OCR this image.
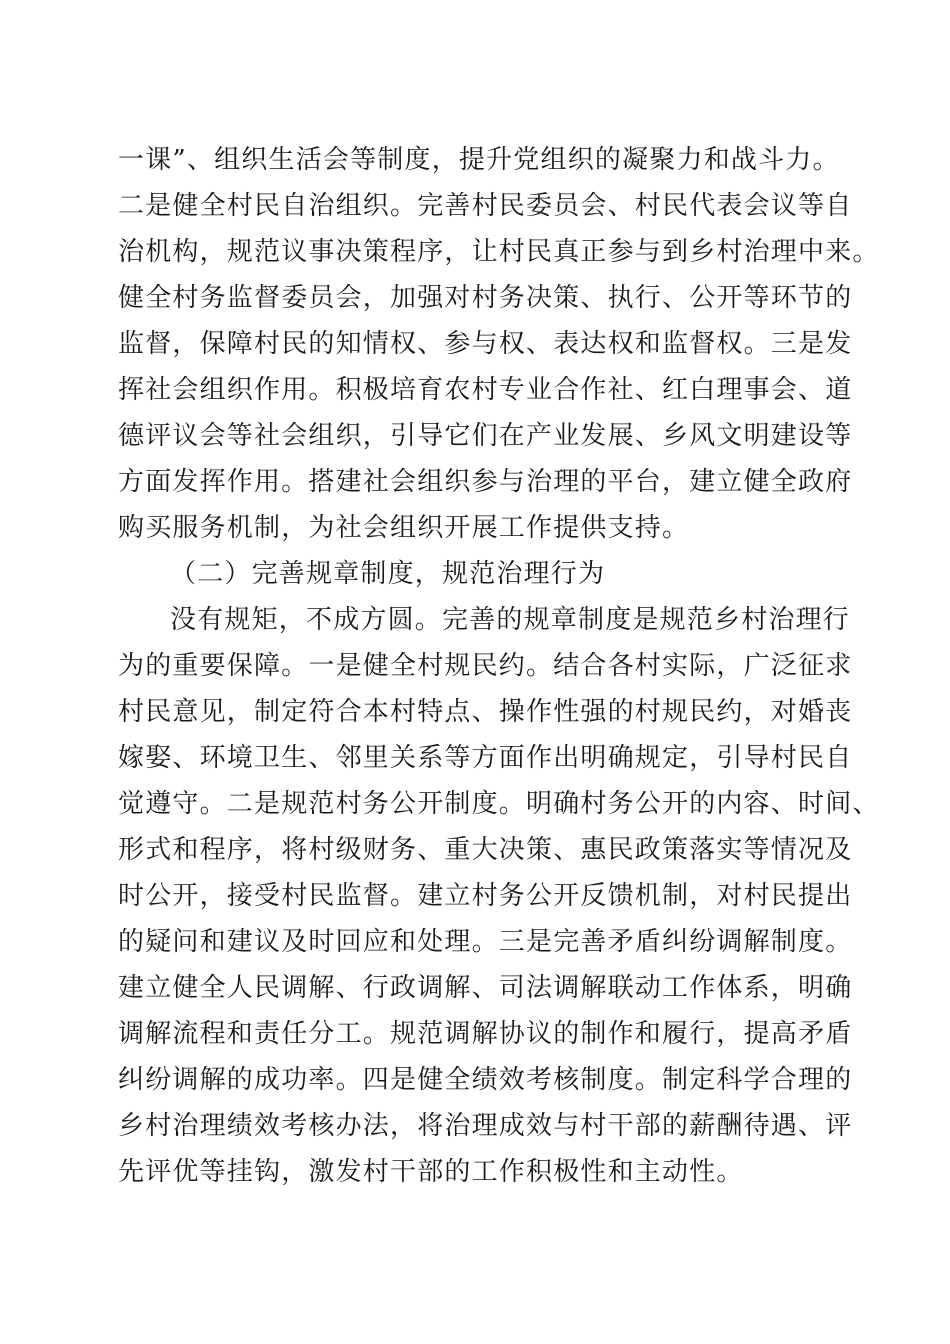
一课”、组织生活会等制度，提升党组织的凝聚力和战斗力。
二是健全村民自治组织。完善村民委员会、村民代表会议等自
治机构，规范议事决策程序，让村民真正参与到乡村治理中来。
健全村务监督委员会，加强对村务决策、执行、公开等环节的
监督，保障村民的知情权、参与权、表达权和监督权。三是发
挥社会组织作用。积极培育农村专业合作社、红白理事会、道
德评议会等社会组织，引导它们在产业发展、乡风文明建设等
方面发挥作用。搭建社会组织参与治理的平台，建立健全政府
购买服务机制，为社会组织开展工作提供支持。
（二）完善规章制度，规范治理行为
没有规矩，不成方圆。完善的规章制度是规范乡村治理行
为的重要保障。一是健全村规民约。结合各村实际，广泛征求
村民意见，制定符合本村特点、操作性强的村规民约，对婚丧
嫁娶、环境卫生、邻里关系等方面作出明确规定，引导村民自
觉遵守。二是规范村务公开制度。明确村务公开的内容、时间、
形式和程序，将村级财务、重大决策、惠民政策落实等情况及
时公开，接受村民监督。建立村务公开反馈机制，对村民提出
的疑问和建议及时回应和处理。三是完善矛盾纠纷调解制度。
建立健全人民调解、行政调解、司法调解联动工作体系，明确
调解流程和责任分工。规范调解协议的制作和履行，提高矛盾
纠纷调解的成功率。四是健全绩效考核制度。制定科学合理的
乡村治理绩效考核办法，将治理成效与村干部的薪酬待遇、评
先评优等挂钩，激发村干部的工作积极性和主动性。
